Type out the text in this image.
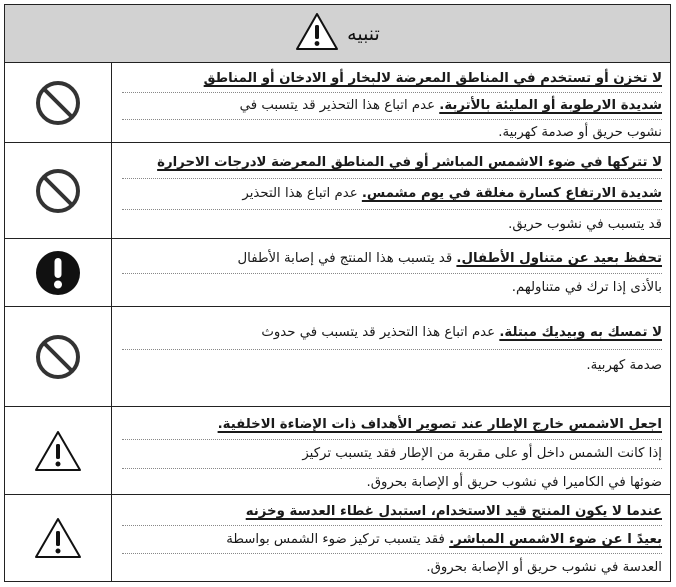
تنبيه
لا تخزن أو تستخدم في المناطق المعرضة لالبخار أو الادخان أو المناطق
شديدة الارطوبة أو المليئة بالأتربة. عدم اتباع هذا التحذير قد يتسبب في
نشوب حريق أو صدمة كهربية.
لا تتركها في ضوء الاشمس المباشر أو في المناطق المعرضة لادرجات الاحرارة
شديدة الارتفاع كسارة مغلقة في يوم مشمس. عدم اتباع هذا التحذير
قد يتسبب في نشوب حريق.
تحفظ بعيد عن متناول الأطفال. قد يتسبب هذا المنتج في إصابة الأطفال
بالأذى إذا ترك في متناولهم.
لا تمسك به وبيديك مبتلة. عدم اتباع هذا التحذير قد يتسبب في حدوث
صدمة كهربية.
اجعل الاشمس خارج الإطار عند تصوير الأهداف ذات الإضاءة الاخلفية.
إذا كانت الشمس داخل أو على مقربة من الإطار فقد يتسبب تركيز
ضوئها في الكاميرا في نشوب حريق أو الإصابة بحروق.
عندما لا يكون المنتج قيد الاستخدام، استبدل غطاء العدسة وخزنه
بعيدً ا عن ضوء الاشمس المباشر. فقد يتسبب تركيز ضوء الشمس بواسطة
العدسة في نشوب حريق أو الإصابة بحروق.
